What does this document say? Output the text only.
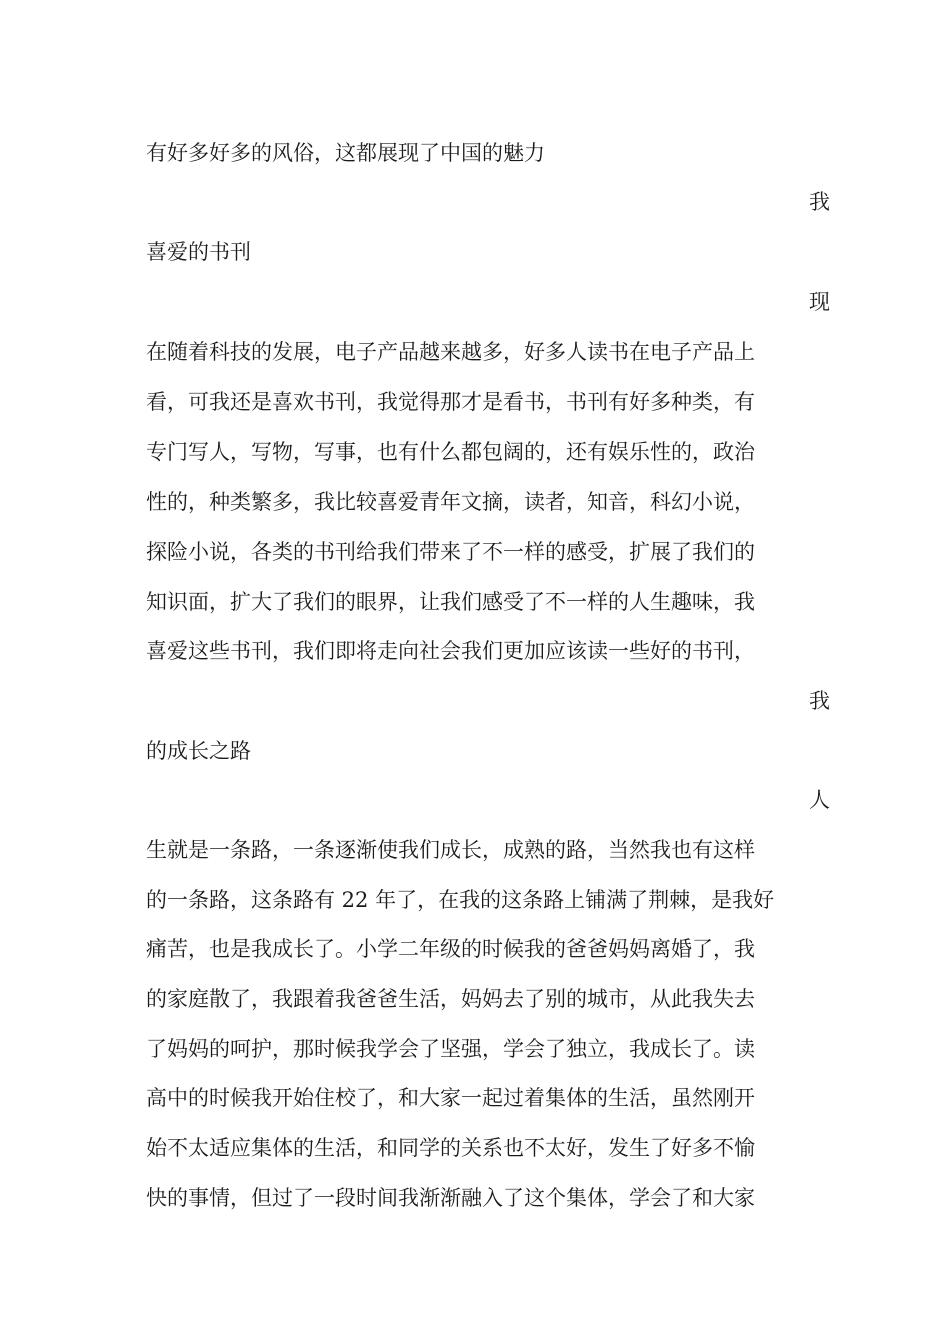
有好多好多的风俗，这都展现了中国的魅力
我
喜爱的书刊
现
在随着科技的发展，电子产品越来越多，好多人读书在电子产品上
看，可我还是喜欢书刊，我觉得那才是看书，书刊有好多种类，有
专门写人，写物，写事，也有什么都包阔的，还有娱乐性的，政治
性的，种类繁多，我比较喜爱青年文摘，读者，知音，科幻小说，
探险小说，各类的书刊给我们带来了不一样的感受，扩展了我们的
知识面，扩大了我们的眼界，让我们感受了不一样的人生趣味，我
喜爱这些书刊，我们即将走向社会我们更加应该读一些好的书刊，
我
的成长之路
人
生就是一条路，一条逐渐使我们成长，成熟的路，当然我也有这样
的一条路，这条路有 22 年了，在我的这条路上铺满了荆棘，是我好
痛苦，也是我成长了。小学二年级的时候我的爸爸妈妈离婚了，我
的家庭散了，我跟着我爸爸生活，妈妈去了别的城市，从此我失去
了妈妈的呵护，那时候我学会了坚强，学会了独立，我成长了。读
高中的时候我开始住校了，和大家一起过着集体的生活，虽然刚开
始不太适应集体的生活，和同学的关系也不太好，发生了好多不愉
快的事情，但过了一段时间我渐渐融入了这个集体，学会了和大家
